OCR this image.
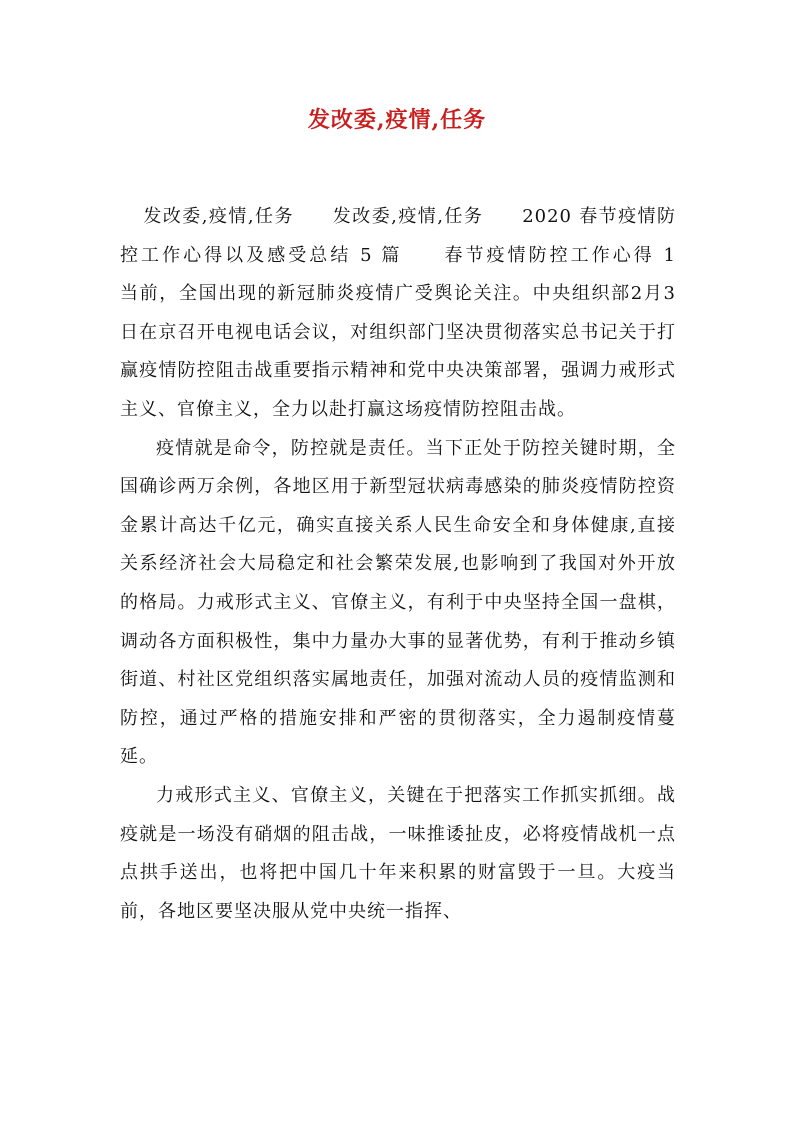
发改委,疫情,任务

发改委,疫情,任务　　发改委,疫情,任务　　2020 春节疫情防控工作心得以及感受总结 5 篇　　春节疫情防控工作心得 1　　当前，全国出现的新冠肺炎疫情广受舆论关注。中央组织部2月3日在京召开电视电话会议，对组织部门坚决贯彻落实总书记关于打赢疫情防控阻击战重要指示精神和党中央决策部署，强调力戒形式主义、官僚主义，全力以赴打赢这场疫情防控阻击战。

疫情就是命令，防控就是责任。当下正处于防控关键时期，全国确诊两万余例，各地区用于新型冠状病毒感染的肺炎疫情防控资金累计高达千亿元，确实直接关系人民生命安全和身体健康,直接关系经济社会大局稳定和社会繁荣发展,也影响到了我国对外开放的格局。力戒形式主义、官僚主义，有利于中央坚持全国一盘棋，调动各方面积极性，集中力量办大事的显著优势，有利于推动乡镇街道、村社区党组织落实属地责任，加强对流动人员的疫情监测和防控，通过严格的措施安排和严密的贯彻落实，全力遏制疫情蔓延。

力戒形式主义、官僚主义，关键在于把落实工作抓实抓细。战疫就是一场没有硝烟的阻击战，一味推诿扯皮，必将疫情战机一点点拱手送出，也将把中国几十年来积累的财富毁于一旦。大疫当前，各地区要坚决服从党中央统一指挥、
